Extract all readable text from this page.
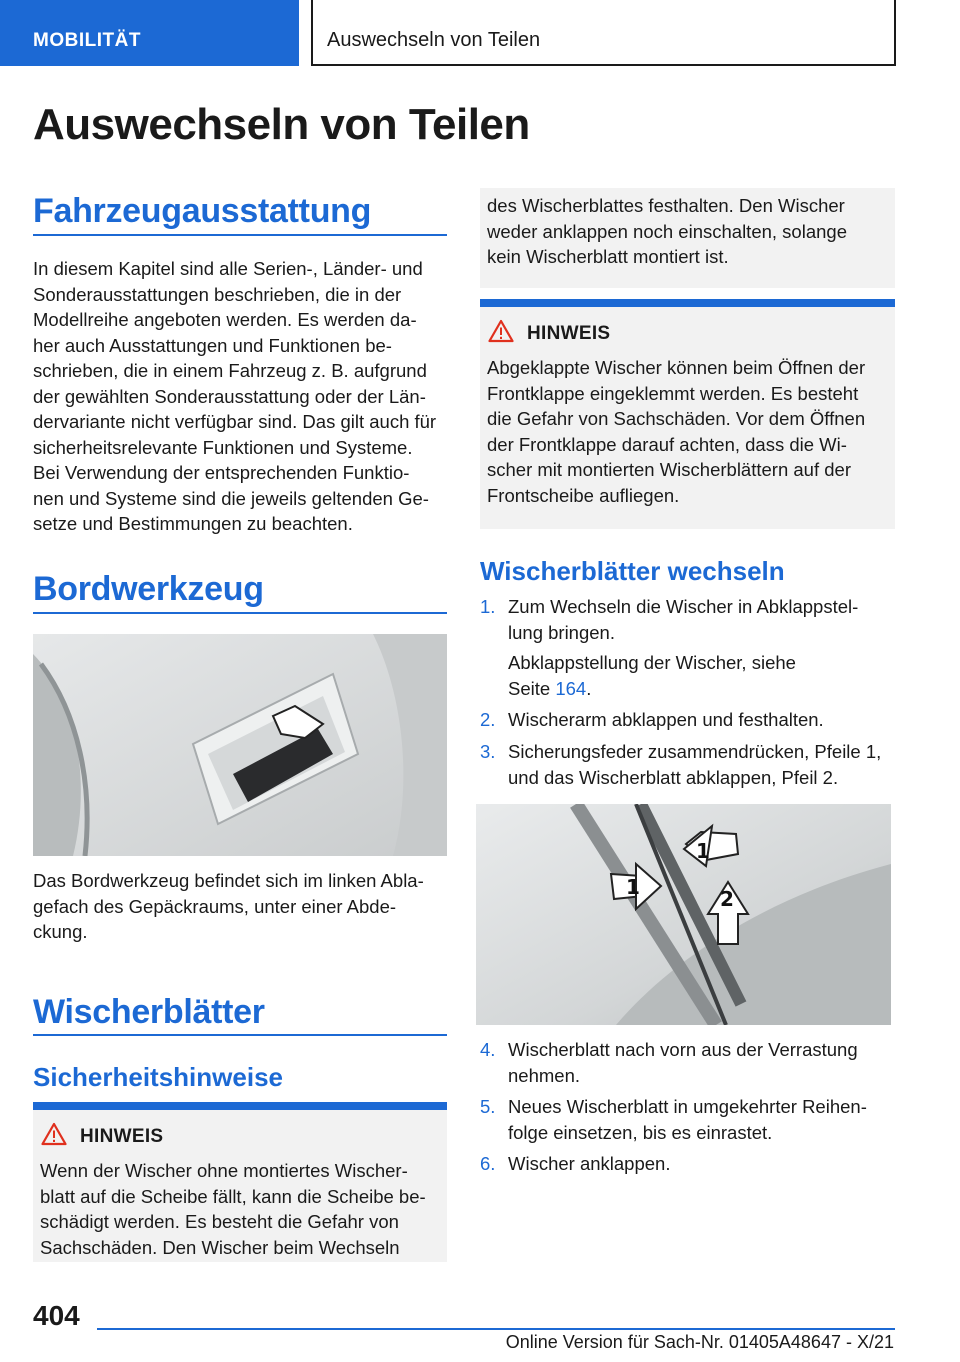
MOBILITÄT	Auswechseln von Teilen
Auswechseln von Teilen
Fahrzeugausstattung
In diesem Kapitel sind alle Serien-, Länder- und
Sonderausstattungen beschrieben, die in der
Modellreihe angeboten werden. Es werden da-
her auch Ausstattungen und Funktionen be-
schrieben, die in einem Fahrzeug z. B. aufgrund
der gewählten Sonderausstattung oder der Län-
dervariante nicht verfügbar sind. Das gilt auch für
sicherheitsrelevante Funktionen und Systeme.
Bei Verwendung der entsprechenden Funktio-
nen und Systeme sind die jeweils geltenden Ge-
setze und Bestimmungen zu beachten.
Bordwerkzeug
Das Bordwerkzeug befindet sich im linken Abla-
gefach des Gepäckraums, unter einer Abde-
ckung.
Wischerblätter
Sicherheitshinweise
HINWEIS
Wenn der Wischer ohne montiertes Wischer-
blatt auf die Scheibe fällt, kann die Scheibe be-
schädigt werden. Es besteht die Gefahr von
Sachschäden. Den Wischer beim Wechseln
des Wischerblattes festhalten. Den Wischer
weder anklappen noch einschalten, solange
kein Wischerblatt montiert ist.
HINWEIS
Abgeklappte Wischer können beim Öffnen der
Frontklappe eingeklemmt werden. Es besteht
die Gefahr von Sachschäden. Vor dem Öffnen
der Frontklappe darauf achten, dass die Wi-
scher mit montierten Wischerblättern auf der
Frontscheibe aufliegen.
Wischerblätter wechseln
1. Zum Wechseln die Wischer in Abklappstel-
lung bringen.
Abklappstellung der Wischer, siehe
Seite 164.
2. Wischerarm abklappen und festhalten.
3. Sicherungsfeder zusammendrücken, Pfeile 1,
und das Wischerblatt abklappen, Pfeil 2.
1
1	2
4. Wischerblatt nach vorn aus der Verrastung
nehmen.
5. Neues Wischerblatt in umgekehrter Reihen-
folge einsetzen, bis es einrastet.
6. Wischer anklappen.
404
Online Version für Sach-Nr. 01405A48647 - X/21
